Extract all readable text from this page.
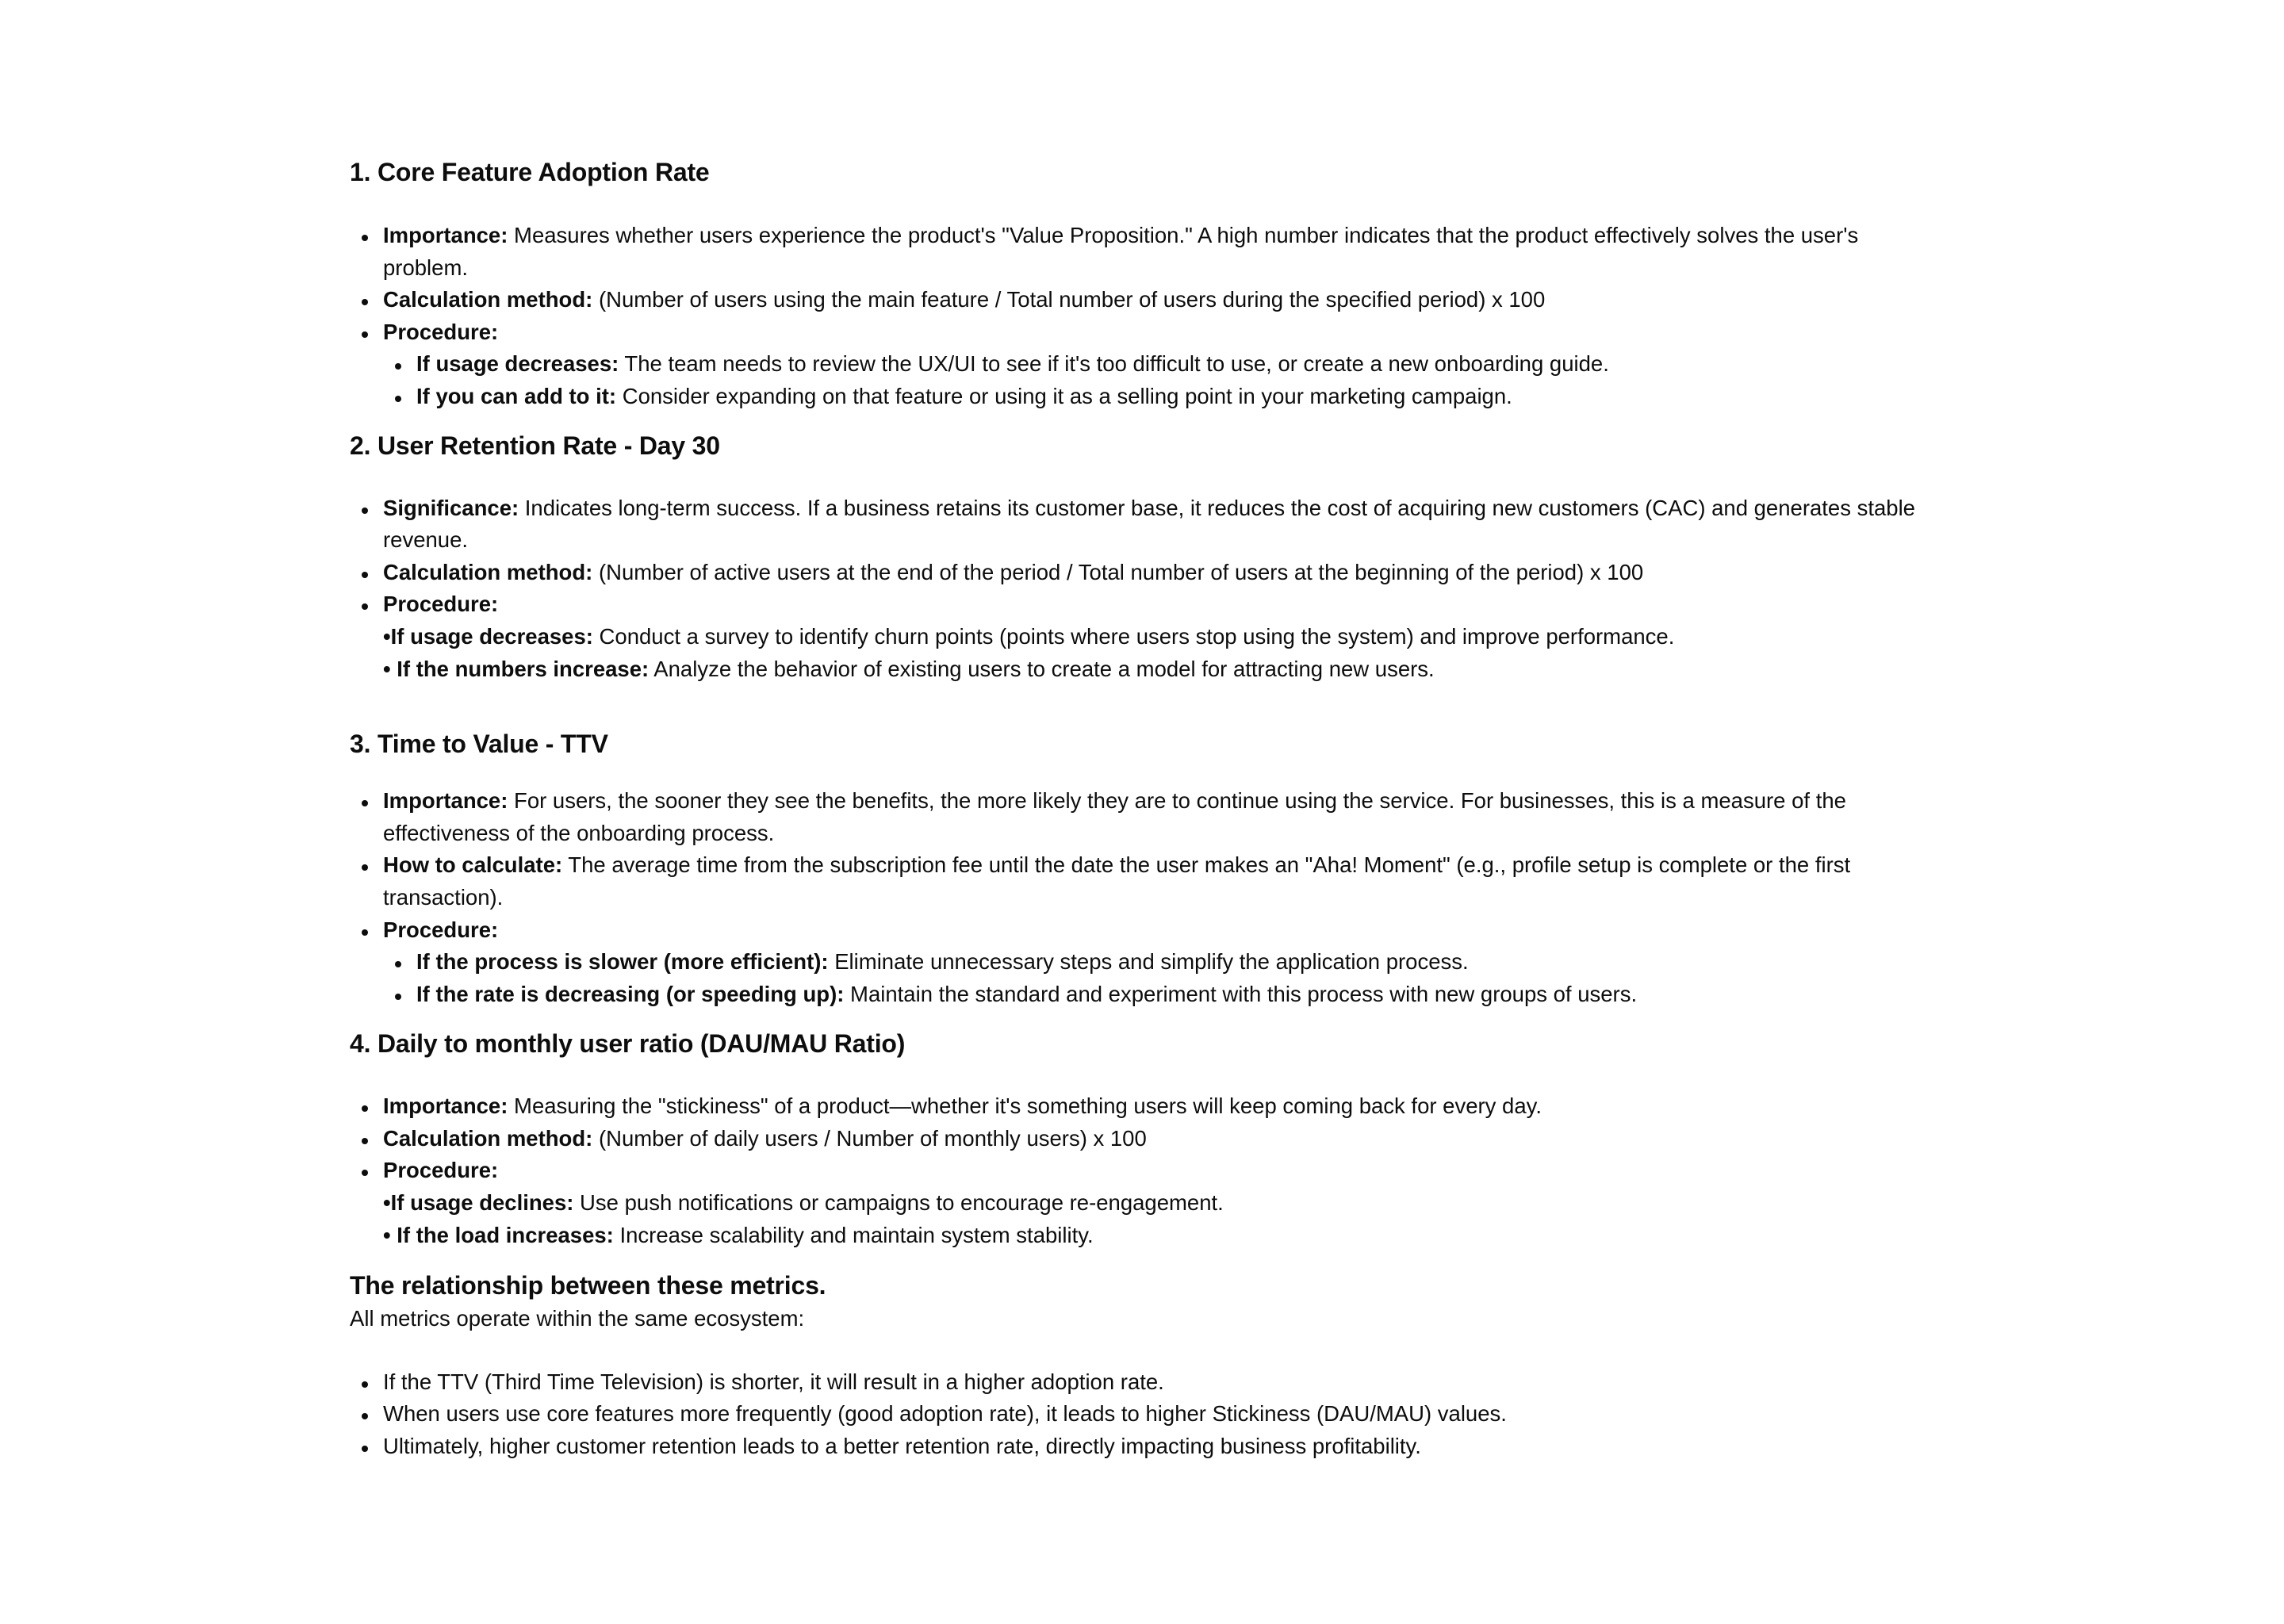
1. Core Feature Adoption Rate
Importance: Measures whether users experience the product's "Value Proposition." A high number indicates that the product effectively solves the user's problem.
Calculation method: (Number of users using the main feature / Total number of users during the specified period) x 100
Procedure:
If usage decreases: The team needs to review the UX/UI to see if it's too difficult to use, or create a new onboarding guide.
If you can add to it: Consider expanding on that feature or using it as a selling point in your marketing campaign.
2. User Retention Rate - Day 30
Significance: Indicates long-term success. If a business retains its customer base, it reduces the cost of acquiring new customers (CAC) and generates stable revenue.
Calculation method: (Number of active users at the end of the period / Total number of users at the beginning of the period) x 100
Procedure:
•If usage decreases: Conduct a survey to identify churn points (points where users stop using the system) and improve performance.
• If the numbers increase: Analyze the behavior of existing users to create a model for attracting new users.
3. Time to Value - TTV
Importance: For users, the sooner they see the benefits, the more likely they are to continue using the service. For businesses, this is a measure of the effectiveness of the onboarding process.
How to calculate: The average time from the subscription fee until the date the user makes an "Aha! Moment" (e.g., profile setup is complete or the first transaction).
Procedure:
If the process is slower (more efficient): Eliminate unnecessary steps and simplify the application process.
If the rate is decreasing (or speeding up): Maintain the standard and experiment with this process with new groups of users.
4. Daily to monthly user ratio (DAU/MAU Ratio)
Importance: Measuring the "stickiness" of a product—whether it's something users will keep coming back for every day.
Calculation method: (Number of daily users / Number of monthly users) x 100
Procedure:
•If usage declines: Use push notifications or campaigns to encourage re-engagement.
• If the load increases: Increase scalability and maintain system stability.
The relationship between these metrics.

All metrics operate within the same ecosystem:

If the TTV (Third Time Television) is shorter, it will result in a higher adoption rate.
When users use core features more frequently (good adoption rate), it leads to higher Stickiness (DAU/MAU) values.
Ultimately, higher customer retention leads to a better retention rate, directly impacting business profitability.
